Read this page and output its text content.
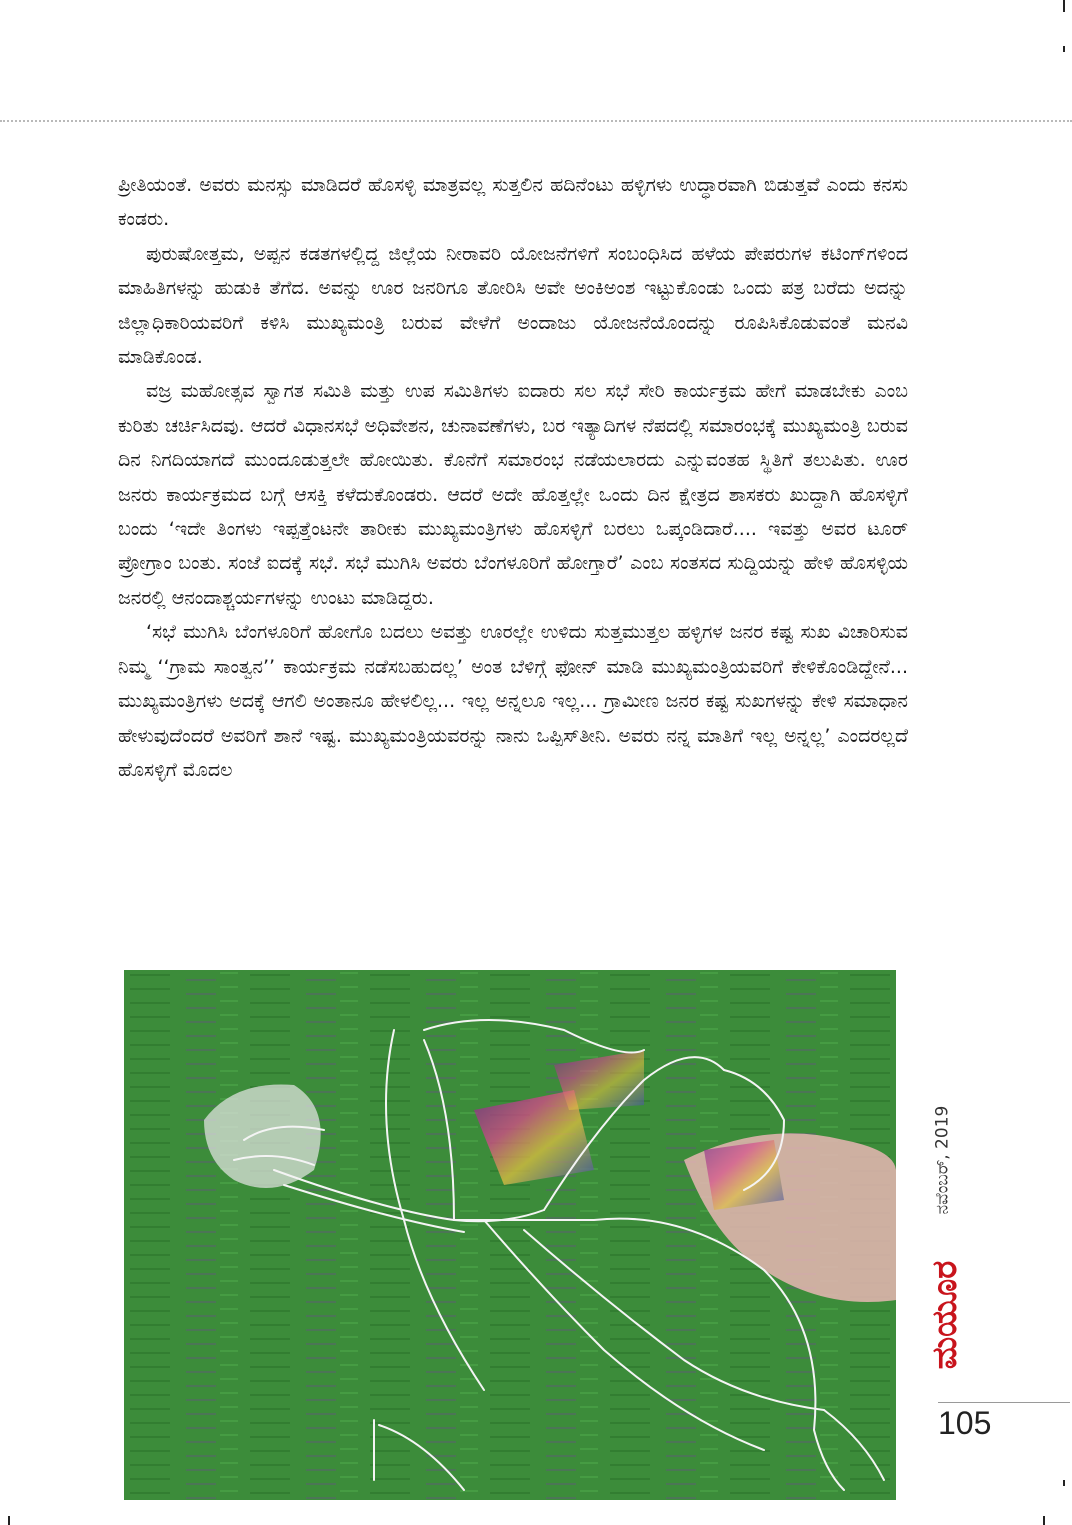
ಪ್ರೀತಿಯಂತೆ. ಅವರು ಮನಸ್ಸು ಮಾಡಿದರೆ ಹೊಸಳ್ಳಿ ಮಾತ್ರವಲ್ಲ ಸುತ್ತಲಿನ ಹದಿನೆಂಟು ಹಳ್ಳಿಗಳು ಉದ್ಧಾರವಾಗಿ ಬಿಡುತ್ತವೆ ಎಂದು ಕನಸು ಕಂಡರು.

ಪುರುಷೋತ್ತಮ, ಅಪ್ಪನ ಕಡತಗಳಲ್ಲಿದ್ದ ಜಿಲ್ಲೆಯ ನೀರಾವರಿ ಯೋಜನೆಗಳಿಗೆ ಸಂಬಂಧಿಸಿದ ಹಳೆಯ ಪೇಪರುಗಳ ಕಟಿಂಗ್‌ಗಳಿಂದ ಮಾಹಿತಿಗಳನ್ನು ಹುಡುಕಿ ತೆಗೆದ. ಅವನ್ನು ಊರ ಜನರಿಗೂ ತೋರಿಸಿ ಅವೇ ಅಂಕಿಅಂಶ ಇಟ್ಟುಕೊಂಡು ಒಂದು ಪತ್ರ ಬರೆದು ಅದನ್ನು ಜಿಲ್ಲಾಧಿಕಾರಿಯವರಿಗೆ ಕಳಿಸಿ ಮುಖ್ಯಮಂತ್ರಿ ಬರುವ ವೇಳೆಗೆ ಅಂದಾಜು ಯೋಜನೆಯೊಂದನ್ನು ರೂಪಿಸಿಕೊಡುವಂತೆ ಮನವಿ ಮಾಡಿಕೊಂಡ.

ವಜ್ರ ಮಹೋತ್ಸವ ಸ್ವಾಗತ ಸಮಿತಿ ಮತ್ತು ಉಪ ಸಮಿತಿಗಳು ಐದಾರು ಸಲ ಸಭೆ ಸೇರಿ ಕಾರ್ಯಕ್ರಮ ಹೇಗೆ ಮಾಡಬೇಕು ಎಂಬ ಕುರಿತು ಚರ್ಚಿಸಿದವು. ಆದರೆ ವಿಧಾನಸಭೆ ಅಧಿವೇಶನ, ಚುನಾವಣೆಗಳು, ಬರ ಇತ್ಯಾದಿಗಳ ನೆಪದಲ್ಲಿ ಸಮಾರಂಭಕ್ಕೆ ಮುಖ್ಯಮಂತ್ರಿ ಬರುವ ದಿನ ನಿಗದಿಯಾಗದೆ ಮುಂದೂಡುತ್ತಲೇ ಹೋಯಿತು. ಕೊನೆಗೆ ಸಮಾರಂಭ ನಡೆಯಲಾರದು ಎನ್ನುವಂತಹ ಸ್ಥಿತಿಗೆ ತಲುಪಿತು. ಊರ ಜನರು ಕಾರ್ಯಕ್ರಮದ ಬಗ್ಗೆ ಆಸಕ್ತಿ ಕಳೆದುಕೊಂಡರು. ಆದರೆ ಅದೇ ಹೊತ್ತಲ್ಲೇ ಒಂದು ದಿನ ಕ್ಷೇತ್ರದ ಶಾಸಕರು ಖುದ್ದಾಗಿ ಹೊಸಳ್ಳಿಗೆ ಬಂದು ‘ಇದೇ ತಿಂಗಳು ಇಪ್ಪತ್ತೆಂಟನೇ ತಾರೀಕು ಮುಖ್ಯಮಂತ್ರಿಗಳು ಹೊಸಳ್ಳಿಗೆ ಬರಲು ಒಪ್ಕಂಡಿದಾರೆ.... ಇವತ್ತು ಅವರ ಟೂರ್ ಪ್ರೋಗ್ರಾಂ ಬಂತು. ಸಂಜೆ ಐದಕ್ಕೆ ಸಭೆ. ಸಭೆ ಮುಗಿಸಿ ಅವರು ಬೆಂಗಳೂರಿಗೆ ಹೋಗ್ತಾರೆ’ ಎಂಬ ಸಂತಸದ ಸುದ್ದಿಯನ್ನು ಹೇಳಿ ಹೊಸಳ್ಳಿಯ ಜನರಲ್ಲಿ ಆನಂದಾಶ್ಚರ್ಯಗಳನ್ನು ಉಂಟು ಮಾಡಿದ್ದರು.

‘ಸಭೆ ಮುಗಿಸಿ ಬೆಂಗಳೂರಿಗೆ ಹೋಗೊ ಬದಲು ಅವತ್ತು ಊರಲ್ಲೇ ಉಳಿದು ಸುತ್ತಮುತ್ತಲ ಹಳ್ಳಿಗಳ ಜನರ ಕಷ್ಟ ಸುಖ ವಿಚಾರಿಸುವ ನಿಮ್ಮ ‘‘ಗ್ರಾಮ ಸಾಂತ್ವನ’’ ಕಾರ್ಯಕ್ರಮ ನಡೆಸಬಹುದಲ್ಲ’ ಅಂತ ಬೆಳಿಗ್ಗೆ ಫೋನ್ ಮಾಡಿ ಮುಖ್ಯಮಂತ್ರಿಯವರಿಗೆ ಕೇಳಿಕೊಂಡಿದ್ದೇನೆ... ಮುಖ್ಯಮಂತ್ರಿಗಳು ಅದಕ್ಕೆ ಆಗಲಿ ಅಂತಾನೂ ಹೇಳಲಿಲ್ಲ... ಇಲ್ಲ ಅನ್ನಲೂ ಇಲ್ಲ... ಗ್ರಾಮೀಣ ಜನರ ಕಷ್ಟ ಸುಖಗಳನ್ನು ಕೇಳಿ ಸಮಾಧಾನ ಹೇಳುವುದೆಂದರೆ ಅವರಿಗೆ ಶಾನೆ ಇಷ್ಟ. ಮುಖ್ಯಮಂತ್ರಿಯವರನ್ನು ನಾನು ಒಪ್ಪಿಸ್‌ತೀನಿ. ಅವರು ನನ್ನ ಮಾತಿಗೆ ಇಲ್ಲ ಅನ್ನಲ್ಲ’ ಎಂದರಲ್ಲದೆ ಹೊಸಳ್ಳಿಗೆ ಮೊದಲ

ನವೆಂಬರ್, 2019
ಮಯೂರ
105
